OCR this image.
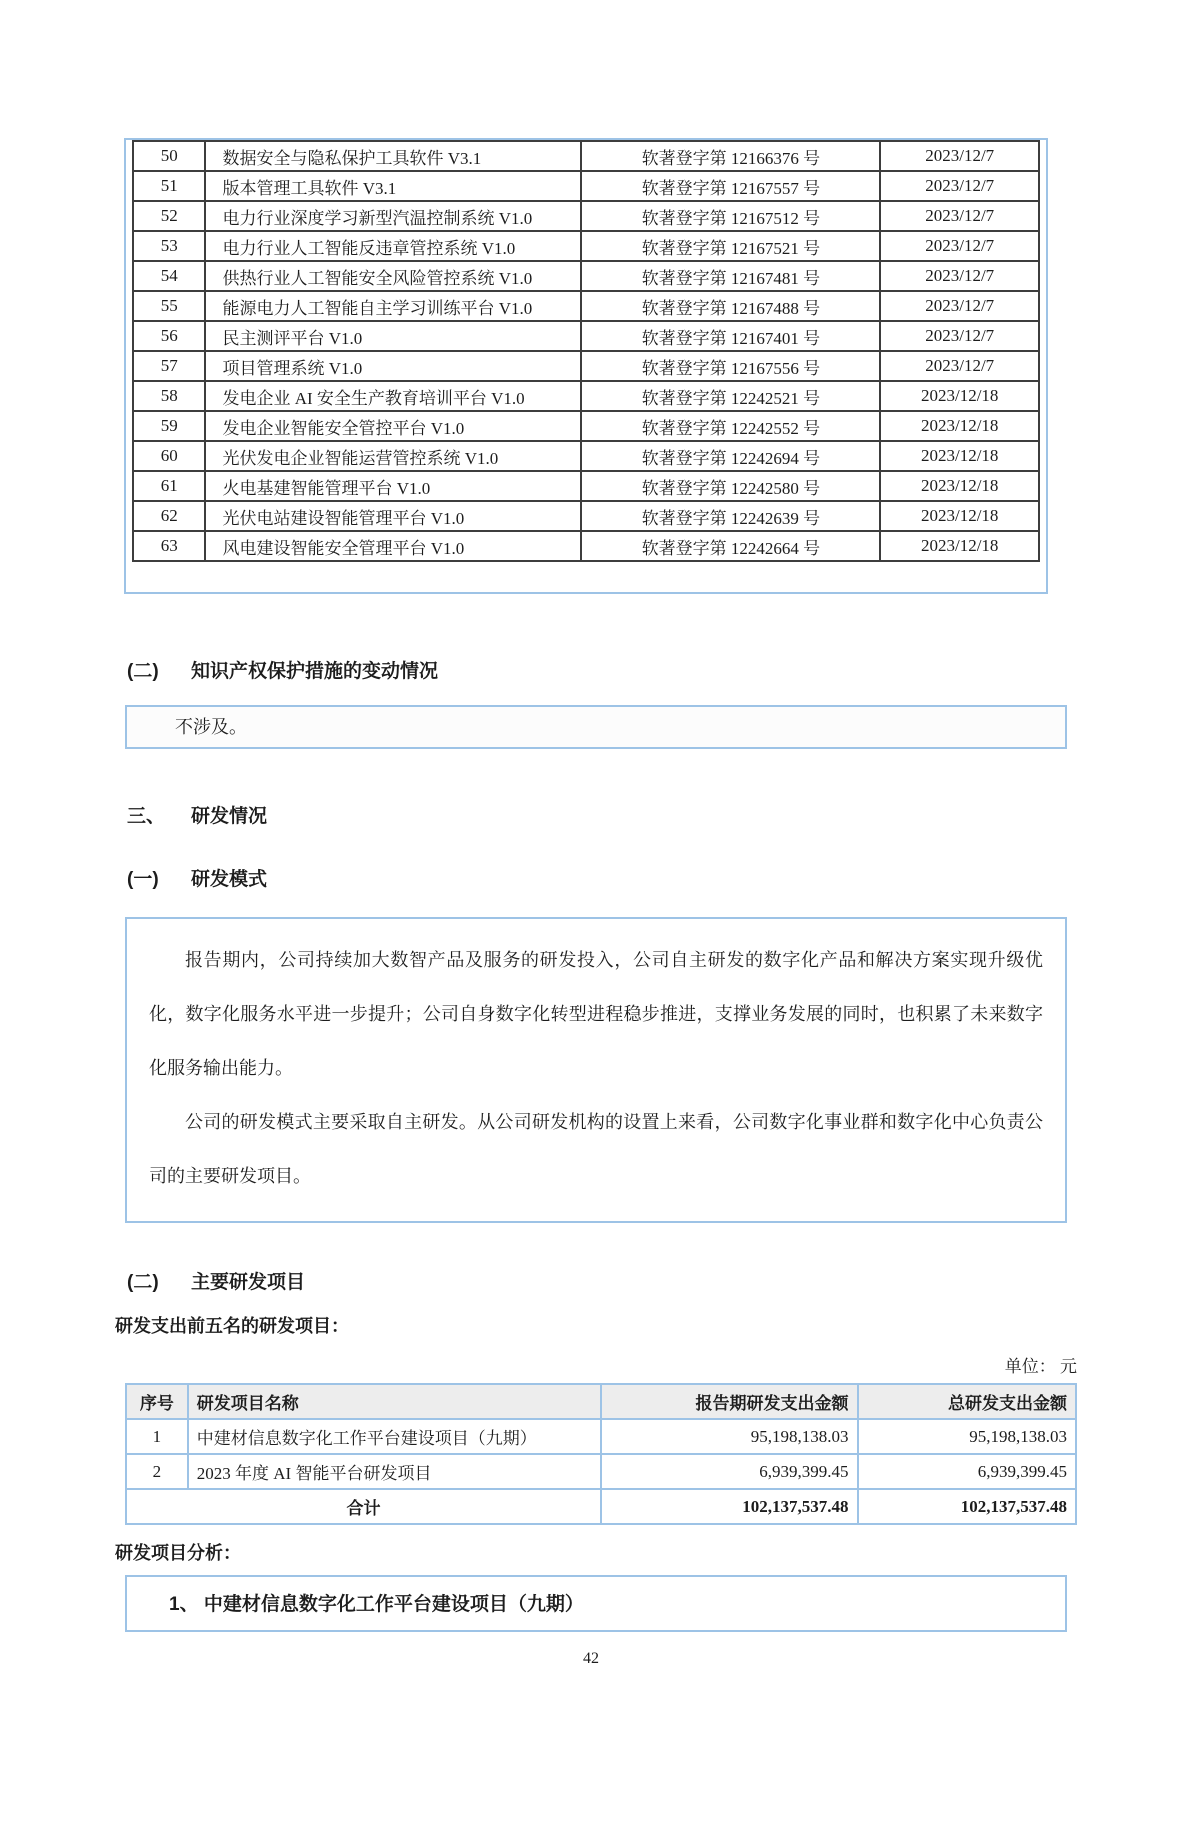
50	数据安全与隐私保护工具软件 V3.1	软著登字第 12166376 号	2023/12/7
51	版本管理工具软件 V3.1	软著登字第 12167557 号	2023/12/7
52	电力行业深度学习新型汽温控制系统 V1.0	软著登字第 12167512 号	2023/12/7
53	电力行业人工智能反违章管控系统 V1.0	软著登字第 12167521 号	2023/12/7
54	供热行业人工智能安全风险管控系统 V1.0	软著登字第 12167481 号	2023/12/7
55	能源电力人工智能自主学习训练平台 V1.0	软著登字第 12167488 号	2023/12/7
56	民主测评平台 V1.0	软著登字第 12167401 号	2023/12/7
57	项目管理系统 V1.0	软著登字第 12167556 号	2023/12/7
58	发电企业 AI 安全生产教育培训平台 V1.0	软著登字第 12242521 号	2023/12/18
59	发电企业智能安全管控平台 V1.0	软著登字第 12242552 号	2023/12/18
60	光伏发电企业智能运营管控系统 V1.0	软著登字第 12242694 号	2023/12/18
61	火电基建智能管理平台 V1.0	软著登字第 12242580 号	2023/12/18
62	光伏电站建设智能管理平台 V1.0	软著登字第 12242639 号	2023/12/18
63	风电建设智能安全管理平台 V1.0	软著登字第 12242664 号	2023/12/18
(二)	知识产权保护措施的变动情况
不涉及。
三、	研发情况
(一)	研发模式

报告期内，公司持续加大数智产品及服务的研发投入，公司自主研发的数字化产品和解决方案实现升级优化，数字化服务水平进一步提升；公司自身数字化转型进程稳步推进，支撑业务发展的同时，也积累了未来数字化服务输出能力。

公司的研发模式主要采取自主研发。从公司研发机构的设置上来看，公司数字化事业群和数字化中心负责公司的主要研发项目。

(二)	主要研发项目
研发支出前五名的研发项目：
单位： 元
序号	研发项目名称	报告期研发支出金额	总研发支出金额
1	中建材信息数字化工作平台建设项目（九期）	95,198,138.03	95,198,138.03
2	2023 年度 AI 智能平台研发项目	6,939,399.45	6,939,399.45
合计		102,137,537.48	102,137,537.48
研发项目分析：
1、 中建材信息数字化工作平台建设项目（九期）
42
